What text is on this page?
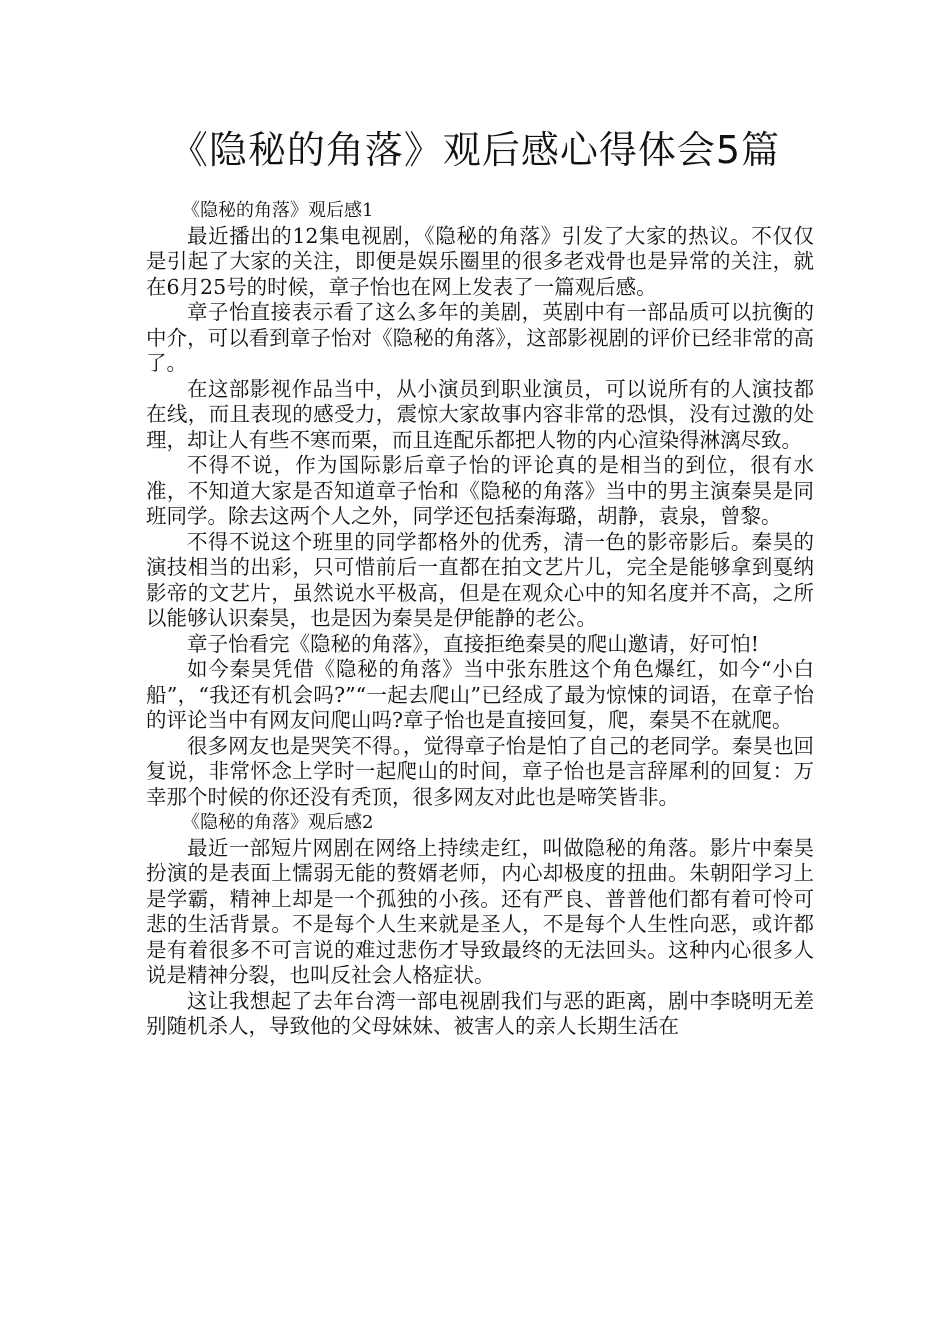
《隐秘的角落》观后感心得体会5篇

《隐秘的角落》观后感1

最近播出的12集电视剧，《隐秘的角落》引发了大家的热议。不仅仅是引起了大家的关注，即便是娱乐圈里的很多老戏骨也是异常的关注，就在6月25号的时候，章子怡也在网上发表了一篇观后感。

章子怡直接表示看了这么多年的美剧，英剧中有一部品质可以抗衡的中介，可以看到章子怡对《隐秘的角落》，这部影视剧的评价已经非常的高了。

在这部影视作品当中，从小演员到职业演员，可以说所有的人演技都在线，而且表现的感受力，震惊大家故事内容非常的恐惧，没有过激的处理，却让人有些不寒而栗，而且连配乐都把人物的内心渲染得淋漓尽致。

不得不说，作为国际影后章子怡的评论真的是相当的到位，很有水准，不知道大家是否知道章子怡和《隐秘的角落》当中的男主演秦昊是同班同学。除去这两个人之外，同学还包括秦海璐，胡静，袁泉，曾黎。

不得不说这个班里的同学都格外的优秀，清一色的影帝影后。秦昊的演技相当的出彩，只可惜前后一直都在拍文艺片儿，完全是能够拿到戛纳影帝的文艺片，虽然说水平极高，但是在观众心中的知名度并不高，之所以能够认识秦昊，也是因为秦昊是伊能静的老公。

章子怡看完《隐秘的角落》，直接拒绝秦昊的爬山邀请，好可怕!

如今秦昊凭借《隐秘的角落》当中张东胜这个角色爆红，如今“小白船”，“我还有机会吗?”“一起去爬山”已经成了最为惊悚的词语，在章子怡的评论当中有网友问爬山吗?章子怡也是直接回复，爬，秦昊不在就爬。

很多网友也是哭笑不得。，觉得章子怡是怕了自己的老同学。秦昊也回复说，非常怀念上学时一起爬山的时间，章子怡也是言辞犀利的回复：万幸那个时候的你还没有秃顶，很多网友对此也是啼笑皆非。

《隐秘的角落》观后感2

最近一部短片网剧在网络上持续走红，叫做隐秘的角落。影片中秦昊扮演的是表面上懦弱无能的赘婿老师，内心却极度的扭曲。朱朝阳学习上是学霸，精神上却是一个孤独的小孩。还有严良、普普他们都有着可怜可悲的生活背景。不是每个人生来就是圣人，不是每个人生性向恶，或许都是有着很多不可言说的难过悲伤才导致最终的无法回头。这种内心很多人说是精神分裂，也叫反社会人格症状。

这让我想起了去年台湾一部电视剧我们与恶的距离，剧中李晓明无差别随机杀人，导致他的父母妹妹、被害人的亲人长期生活在
